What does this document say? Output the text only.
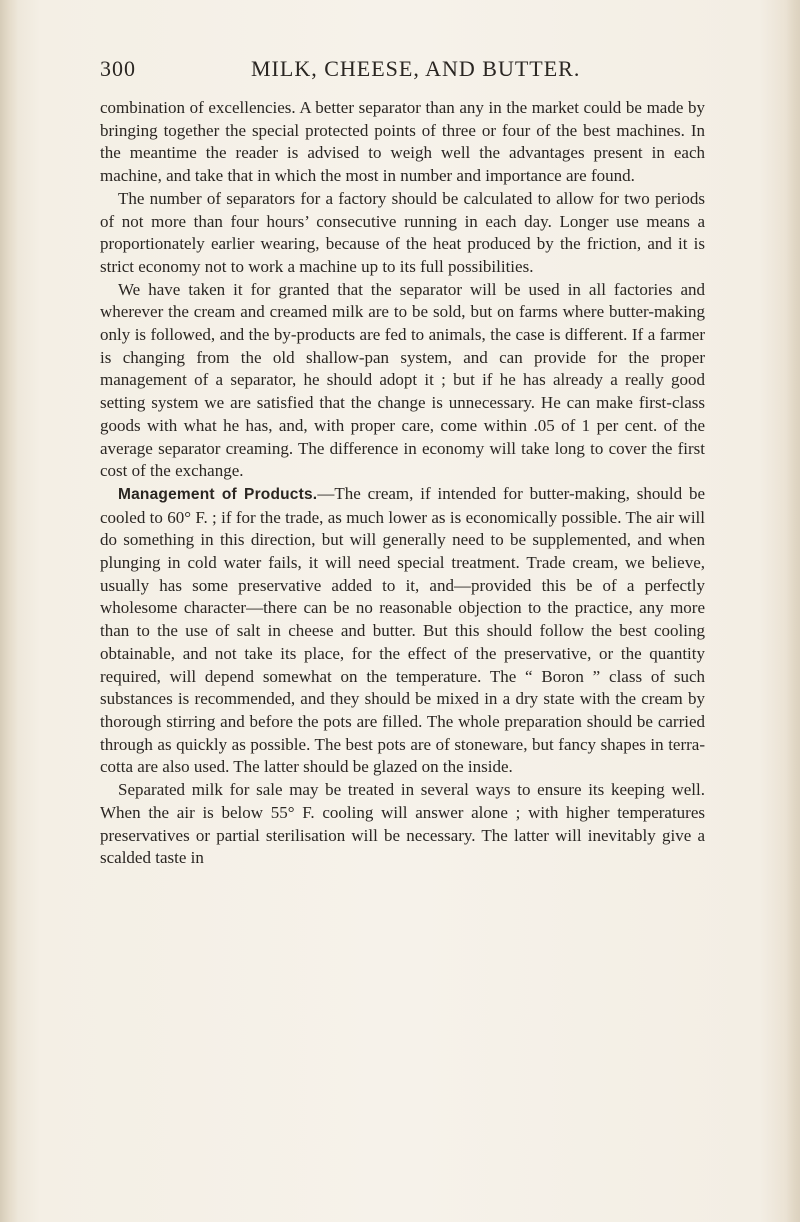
300	MILK, CHEESE, AND BUTTER.

combination of excellencies. A better separator than any in the market could be made by bringing together the special protected points of three or four of the best machines. In the meantime the reader is advised to weigh well the advantages present in each machine, and take that in which the most in number and importance are found.

The number of separators for a factory should be calculated to allow for two periods of not more than four hours’ consecutive running in each day. Longer use means a proportionately earlier wearing, because of the heat produced by the friction, and it is strict economy not to work a machine up to its full possibilities.

We have taken it for granted that the separator will be used in all factories and wherever the cream and creamed milk are to be sold, but on farms where butter-making only is followed, and the by-products are fed to animals, the case is different. If a farmer is changing from the old shallow-pan system, and can provide for the proper management of a separator, he should adopt it ; but if he has already a really good setting system we are satisfied that the change is unnecessary. He can make first-class goods with what he has, and, with proper care, come within .05 of 1 per cent. of the average separator creaming. The difference in economy will take long to cover the first cost of the exchange.

Management of Products.—The cream, if intended for butter-making, should be cooled to 60° F. ; if for the trade, as much lower as is economically possible. The air will do something in this direction, but will generally need to be supplemented, and when plunging in cold water fails, it will need special treatment. Trade cream, we believe, usually has some preservative added to it, and—provided this be of a perfectly wholesome character—there can be no reasonable objection to the practice, any more than to the use of salt in cheese and butter. But this should follow the best cooling obtainable, and not take its place, for the effect of the preservative, or the quantity required, will depend somewhat on the temperature. The “ Boron ” class of such substances is recommended, and they should be mixed in a dry state with the cream by thorough stirring and before the pots are filled. The whole preparation should be carried through as quickly as possible. The best pots are of stoneware, but fancy shapes in terra-cotta are also used. The latter should be glazed on the inside.

Separated milk for sale may be treated in several ways to ensure its keeping well. When the air is below 55° F. cooling will answer alone ; with higher temperatures preservatives or partial sterilisation will be necessary. The latter will inevitably give a scalded taste in
